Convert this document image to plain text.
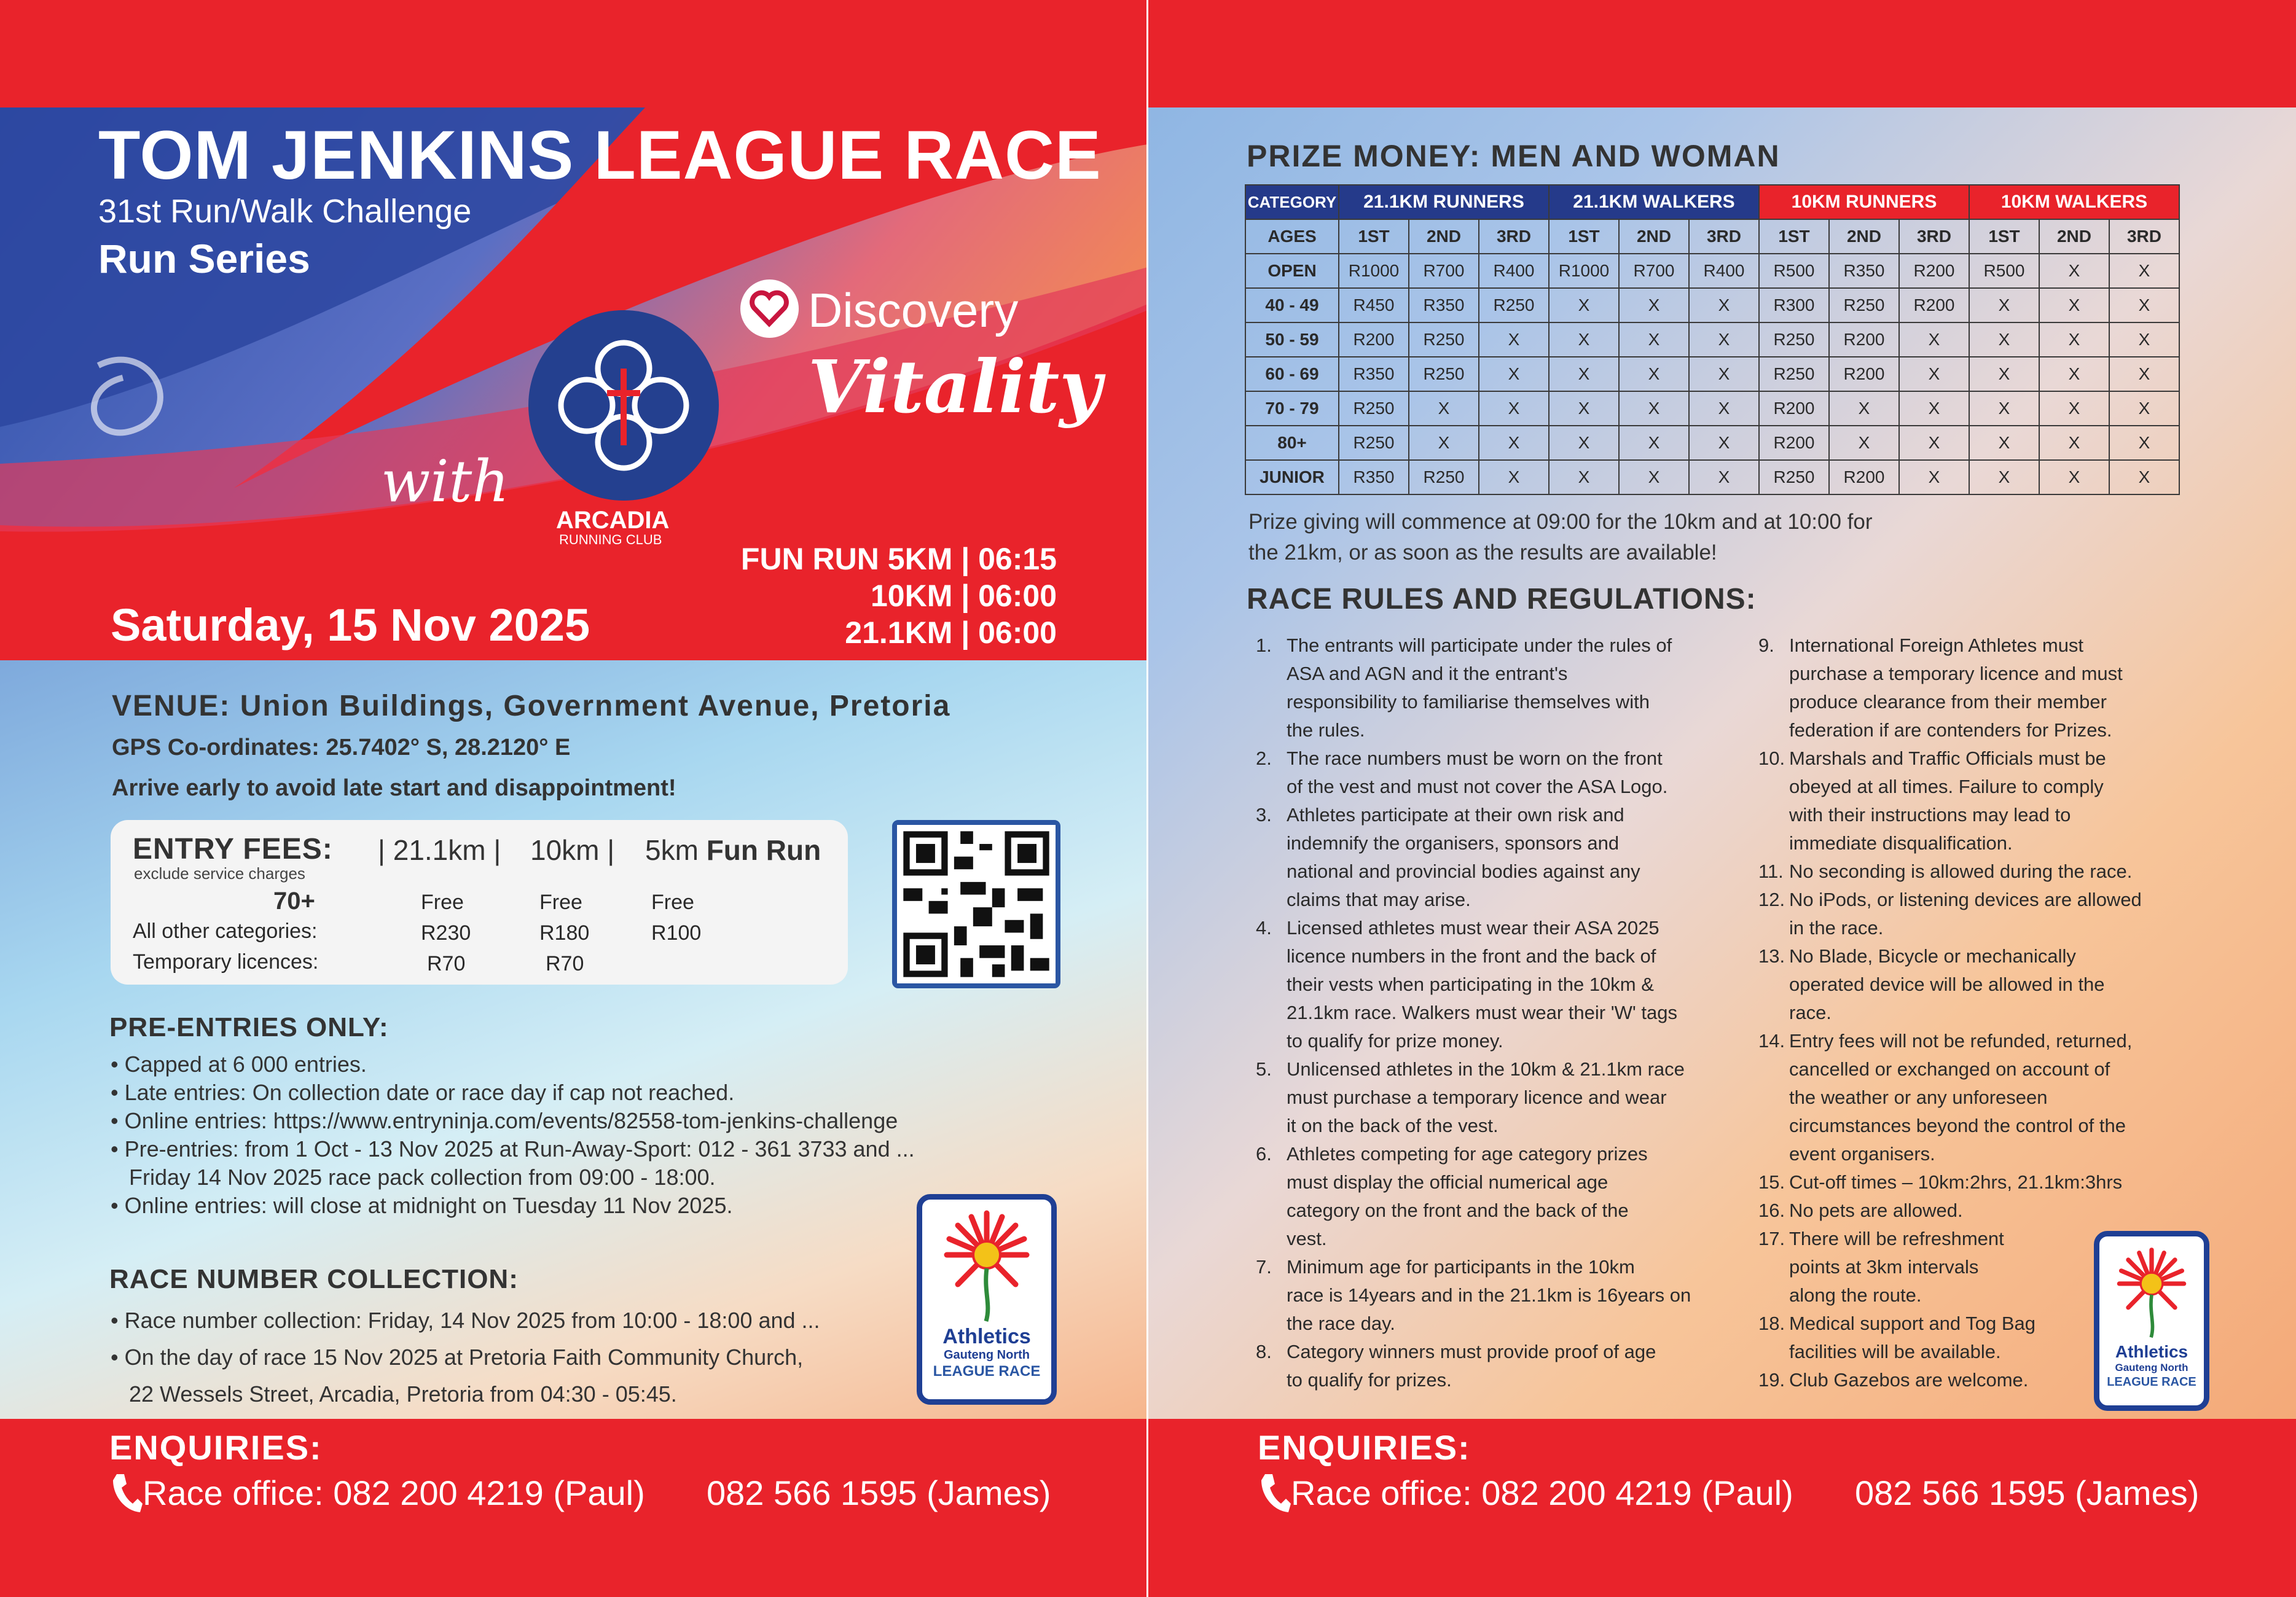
TOM JENKINS LEAGUE RACE
31st Run/Walk Challenge
Run Series
with
ARCADIA
RUNNING CLUB
Discovery
Vitality
Saturday, 15 Nov 2025
FUN RUN 5KM | 06:15
10KM | 06:00
21.1KM | 06:00
VENUE: Union Buildings, Government Avenue, Pretoria
GPS Co-ordinates: 25.7402° S, 28.2120° E
Arrive early to avoid late start and disappointment!
ENTRY FEES:
exclude service charges
| 21.1km | 10km | 5km Fun Run
70+	Free	Free	Free
All other categories:	R230	R180	R100
Temporary licences:	R70	R70
PRE-ENTRIES ONLY:
• Capped at 6 000 entries.
• Late entries: On collection date or race day if cap not reached.
• Online entries: https://www.entryninja.com/events/82558-tom-jenkins-challenge
• Pre-entries: from 1 Oct - 13 Nov 2025 at Run-Away-Sport: 012 - 361 3733 and ...
Friday 14 Nov 2025 race pack collection from 09:00 - 18:00.
• Online entries: will close at midnight on Tuesday 11 Nov 2025.
RACE NUMBER COLLECTION:
• Race number collection: Friday, 14 Nov 2025 from 10:00 - 18:00 and ...
• On the day of race 15 Nov 2025 at Pretoria Faith Community Church,
22 Wessels Street, Arcadia, Pretoria from 04:30 - 05:45.
Athletics
Gauteng North
LEAGUE RACE
ENQUIRIES:
Race office: 082 200 4219 (Paul) 082 566 1595 (James)
PRIZE MONEY: MEN AND WOMAN
CATEGORY	21.1KM RUNNERS			21.1KM WALKERS			10KM RUNNERS			10KM WALKERS		
AGES	1ST	2ND	3RD	1ST	2ND	3RD	1ST	2ND	3RD	1ST	2ND	3RD
OPEN	R1000	R700	R400	R1000	R700	R400	R500	R350	R200	R500	X	X
40 - 49	R450	R350	R250	X	X	X	R300	R250	R200	X	X	X
50 - 59	R200	R250	X	X	X	X	R250	R200	X	X	X	X
60 - 69	R350	R250	X	X	X	X	R250	R200	X	X	X	X
70 - 79	R250	X	X	X	X	X	R200	X	X	X	X	X
80+	R250	X	X	X	X	X	R200	X	X	X	X	X
JUNIOR	R350	R250	X	X	X	X	R250	R200	X	X	X	X
Prize giving will commence at 09:00 for the 10km and at 10:00 for
the 21km, or as soon as the results are available!
RACE RULES AND REGULATIONS:
1. The entrants will participate under the rules of
ASA and AGN and it the entrant's
responsibility to familiarise themselves with
the rules.
2. The race numbers must be worn on the front
of the vest and must not cover the ASA Logo.
3. Athletes participate at their own risk and
indemnify the organisers, sponsors and
national and provincial bodies against any
claims that may arise.
4. Licensed athletes must wear their ASA 2025
licence numbers in the front and the back of
their vests when participating in the 10km &
21.1km race. Walkers must wear their 'W' tags
to qualify for prize money.
5. Unlicensed athletes in the 10km & 21.1km race
must purchase a temporary licence and wear
it on the back of the vest.
6. Athletes competing for age category prizes
must display the official numerical age
category on the front and the back of the
vest.
7. Minimum age for participants in the 10km
race is 14years and in the 21.1km is 16years on
the race day.
8. Category winners must provide proof of age
to qualify for prizes.
9. International Foreign Athletes must
purchase a temporary licence and must
produce clearance from their member
federation if are contenders for Prizes.
10. Marshals and Traffic Officials must be
obeyed at all times. Failure to comply
with their instructions may lead to
immediate disqualification.
11. No seconding is allowed during the race.
12. No iPods, or listening devices are allowed
in the race.
13. No Blade, Bicycle or mechanically
operated device will be allowed in the
race.
14. Entry fees will not be refunded, returned,
cancelled or exchanged on account of
the weather or any unforeseen
circumstances beyond the control of the
event organisers.
15. Cut-off times – 10km:2hrs, 21.1km:3hrs
16. No pets are allowed.
17. There will be refreshment
points at 3km intervals
along the route.
18. Medical support and Tog Bag
facilities will be available.
19. Club Gazebos are welcome.
Athletics
Gauteng North
LEAGUE RACE
ENQUIRIES:
Race office: 082 200 4219 (Paul) 082 566 1595 (James)
